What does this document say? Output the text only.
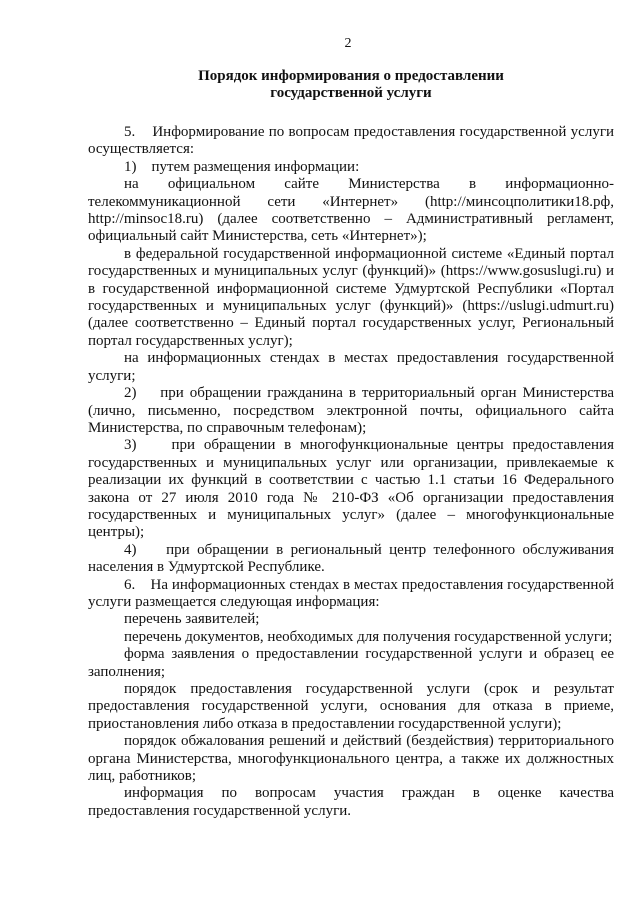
2
Порядок информирования о предоставлении
государственной услуги

5.    Информирование по вопросам предоставления государственной услуги осуществляется:

1)    путем размещения информации:

на официальном сайте Министерства в информационно-телекоммуникационной сети «Интернет» (http://минсоцполитики18.рф, http://minsoc18.ru) (далее соответственно – Административный регламент, официальный сайт Министерства, сеть «Интернет»);

в федеральной государственной информационной системе «Единый портал государственных и муниципальных услуг (функций)» (https://www.gosuslugi.ru) и в государственной информационной системе Удмуртской Республики «Портал государственных и муниципальных услуг (функций)» (https://uslugi.udmurt.ru) (далее соответственно – Единый портал государственных услуг, Региональный портал государственных услуг);

на информационных стендах в местах предоставления государственной услуги;

2)    при обращении гражданина в территориальный орган Министерства (лично, письменно, посредством электронной почты, официального сайта Министерства, по справочным телефонам);

3)    при обращении в многофункциональные центры предоставления государственных и муниципальных услуг или организации, привлекаемые к реализации их функций в соответствии с частью 1.1 статьи 16 Федерального закона от 27 июля 2010 года № 210-ФЗ «Об организации предоставления государственных и муниципальных услуг» (далее – многофункциональные центры);

4)    при обращении в региональный центр телефонного обслуживания населения в Удмуртской Республике.

6.    На информационных стендах в местах предоставления государственной услуги размещается следующая информация:

перечень заявителей;

перечень документов, необходимых для получения государственной услуги;

форма заявления о предоставлении государственной услуги и образец ее заполнения;

порядок предоставления государственной услуги (срок и результат предоставления государственной услуги, основания для отказа в приеме, приостановления либо отказа в предоставлении государственной услуги);

порядок обжалования решений и действий (бездействия) территориального органа Министерства, многофункционального центра, а также их должностных лиц, работников;

информация по вопросам участия граждан в оценке качества предоставления государственной услуги.
